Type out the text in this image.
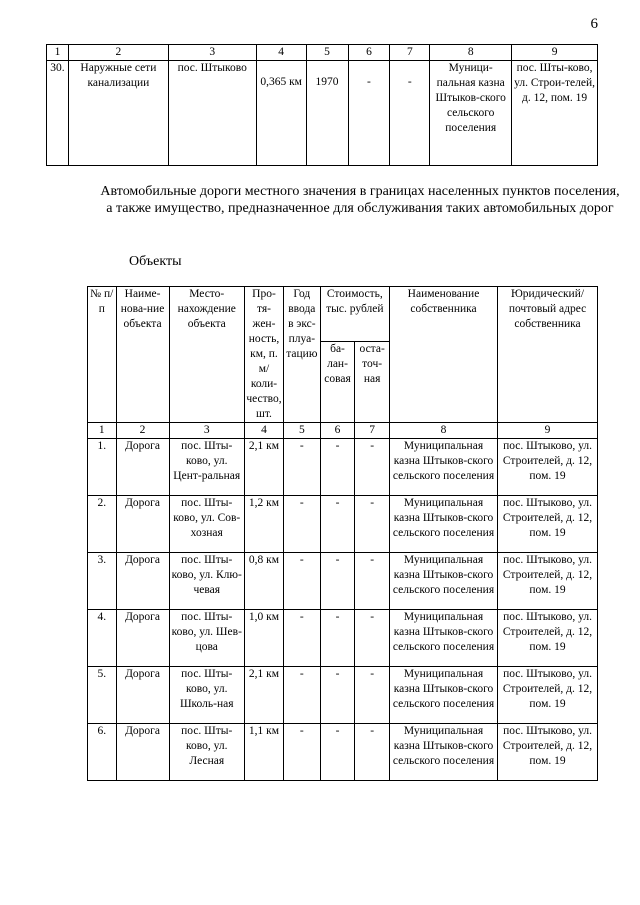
6
1	2	3	4	5	6	7	8	9
30.	Наружные сети канализации	пос. Штыково	0,365 км	1970	-	-	Муници-пальная казна Штыков-ского сельского поселения	пос. Шты-ково, ул. Строи-телей, д. 12, пом. 19
Автомобильные дороги местного значения в границах населенных пунктов поселения, а также имущество, предназначенное для обслуживания таких автомобильных дорог
Объекты
№ п/п	Наиме-нова-ние объекта	Место-нахождение объекта	Про-тя-жен-ность, км, п. м/ коли-чество, шт.	Год ввода в экс-плуа-тацию	Стоимость, тыс. рублей		Наименование собственника	Юридический/ почтовый адрес собственника
					ба-лан-совая	оста-точ-ная		
1	2	3	4	5	6	7	8	9
1.	Дорога	пос. Шты-ково, ул. Цент-ральная	2,1 км	-	-	-	Муниципальная казна Штыков-ского сельского поселения	пос. Штыково, ул. Строителей, д. 12, пом. 19
2.	Дорога	пос. Шты-ково, ул. Сов-хозная	1,2 км	-	-	-	Муниципальная казна Штыков-ского сельского поселения	пос. Штыково, ул. Строителей, д. 12, пом. 19
3.	Дорога	пос. Шты-ково, ул. Клю-чевая	0,8 км	-	-	-	Муниципальная казна Штыков-ского сельского поселения	пос. Штыково, ул. Строителей, д. 12, пом. 19
4.	Дорога	пос. Шты-ково, ул. Шев-цова	1,0 км	-	-	-	Муниципальная казна Штыков-ского сельского поселения	пос. Штыково, ул. Строителей, д. 12, пом. 19
5.	Дорога	пос. Шты-ково, ул. Школь-ная	2,1 км	-	-	-	Муниципальная казна Штыков-ского сельского поселения	пос. Штыково, ул. Строителей, д. 12, пом. 19
6.	Дорога	пос. Шты-ково, ул. Лесная	1,1 км	-	-	-	Муниципальная казна Штыков-ского сельского поселения	пос. Штыково, ул. Строителей, д. 12, пом. 19
